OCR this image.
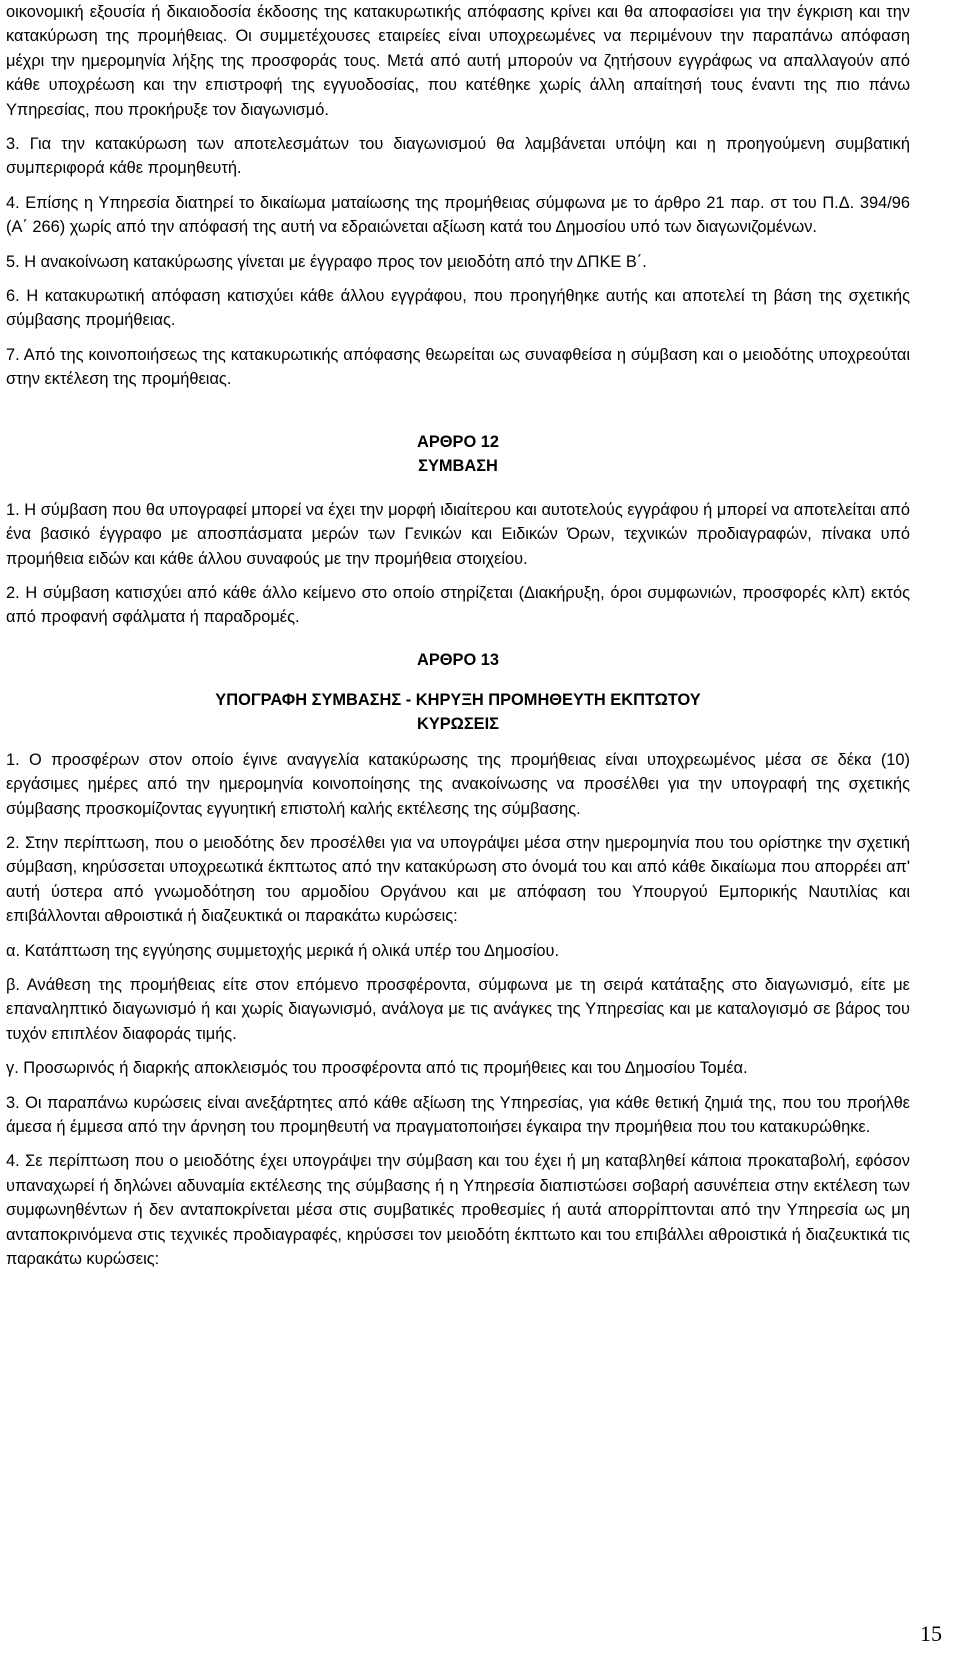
οικονομική εξουσία ή δικαιοδοσία έκδοσης της κατακυρωτικής απόφασης κρίνει και θα αποφασίσει για την έγκριση και την κατακύρωση της προμήθειας. Οι συμμετέχουσες εταιρείες είναι υποχρεωμένες να περιμένουν την παραπάνω απόφαση μέχρι την ημερομηνία λήξης της προσφοράς τους. Μετά από αυτή μπορούν να ζητήσουν εγγράφως να απαλλαγούν από κάθε υποχρέωση και την επιστροφή της εγγυοδοσίας, που κατέθηκε χωρίς άλλη απαίτησή τους έναντι της πιο πάνω Υπηρεσίας, που προκήρυξε τον διαγωνισμό.

3. Για την κατακύρωση των αποτελεσμάτων του διαγωνισμού θα λαμβάνεται υπόψη και η προηγούμενη συμβατική συμπεριφορά κάθε προμηθευτή.

4. Επίσης η Υπηρεσία διατηρεί το δικαίωμα ματαίωσης της προμήθειας σύμφωνα με το άρθρο 21 παρ. στ του Π.Δ. 394/96 (Α΄ 266) χωρίς από την απόφασή της αυτή να εδραιώνεται αξίωση κατά του Δημοσίου υπό των διαγωνιζομένων.

5. Η ανακοίνωση κατακύρωσης γίνεται με έγγραφο προς τον μειοδότη από την ΔΠΚΕ Β΄.

6. Η κατακυρωτική απόφαση κατισχύει κάθε άλλου εγγράφου, που προηγήθηκε αυτής και αποτελεί τη βάση της σχετικής σύμβασης προμήθειας.

7. Από της κοινοποιήσεως της κατακυρωτικής απόφασης θεωρείται ως συναφθείσα η σύμβαση και ο μειοδότης υποχρεούται στην εκτέλεση της προμήθειας.

ΑΡΘΡΟ 12

ΣΥΜΒΑΣΗ

1. Η σύμβαση που θα υπογραφεί μπορεί να έχει την μορφή ιδιαίτερου και αυτοτελούς εγγράφου ή μπορεί να αποτελείται από ένα βασικό έγγραφο με αποσπάσματα μερών των Γενικών και Ειδικών Όρων, τεχνικών προδιαγραφών, πίνακα υπό προμήθεια ειδών και κάθε άλλου συναφούς με την προμήθεια στοιχείου.

2. Η σύμβαση κατισχύει από κάθε άλλο κείμενο στο οποίο στηρίζεται (Διακήρυξη, όροι συμφωνιών, προσφορές κλπ) εκτός από προφανή σφάλματα ή παραδρομές.

ΑΡΘΡΟ 13

ΥΠΟΓΡΑΦΗ ΣΥΜΒΑΣΗΣ - ΚΗΡΥΞΗ ΠΡΟΜΗΘΕΥΤΗ ΕΚΠΤΩΤΟΥ

ΚΥΡΩΣΕΙΣ

1. Ο προσφέρων στον οποίο έγινε αναγγελία κατακύρωσης της προμήθειας είναι υποχρεωμένος μέσα σε δέκα (10) εργάσιμες ημέρες από την ημερομηνία κοινοποίησης της ανακοίνωσης να προσέλθει για την υπογραφή της σχετικής σύμβασης προσκομίζοντας εγγυητική επιστολή καλής εκτέλεσης της σύμβασης.

2. Στην περίπτωση, που ο μειοδότης δεν προσέλθει για να υπογράψει μέσα στην ημερομηνία που του ορίστηκε την σχετική σύμβαση, κηρύσσεται υποχρεωτικά έκπτωτος από την κατακύρωση στο όνομά του και από κάθε δικαίωμα που απορρέει απ' αυτή ύστερα από γνωμοδότηση του αρμοδίου Οργάνου και με απόφαση του Υπουργού Εμπορικής Ναυτιλίας και επιβάλλονται αθροιστικά ή διαζευκτικά οι παρακάτω κυρώσεις:

α. Κατάπτωση της εγγύησης συμμετοχής μερικά ή ολικά υπέρ του Δημοσίου.

β. Ανάθεση της προμήθειας είτε στον επόμενο προσφέροντα, σύμφωνα με τη σειρά κατάταξης στο διαγωνισμό, είτε με επαναληπτικό διαγωνισμό ή και χωρίς διαγωνισμό, ανάλογα με τις ανάγκες της Υπηρεσίας και με καταλογισμό σε βάρος του τυχόν επιπλέον διαφοράς τιμής.

γ. Προσωρινός ή διαρκής αποκλεισμός του προσφέροντα από τις προμήθειες και του Δημοσίου Τομέα.

3. Οι παραπάνω κυρώσεις είναι ανεξάρτητες από κάθε αξίωση της Υπηρεσίας, για κάθε θετική ζημιά της, που του προήλθε άμεσα ή έμμεσα από την άρνηση του προμηθευτή να πραγματοποιήσει έγκαιρα την προμήθεια που του κατακυρώθηκε.

4. Σε περίπτωση που ο μειοδότης έχει υπογράψει την σύμβαση και του έχει ή μη καταβληθεί κάποια προκαταβολή, εφόσον υπαναχωρεί ή δηλώνει αδυναμία εκτέλεσης της σύμβασης ή η Υπηρεσία διαπιστώσει σοβαρή ασυνέπεια στην εκτέλεση των συμφωνηθέντων ή δεν ανταποκρίνεται μέσα στις συμβατικές προθεσμίες ή αυτά απορρίπτονται από την Υπηρεσία ως μη ανταποκρινόμενα στις τεχνικές προδιαγραφές, κηρύσσει τον μειοδότη έκπτωτο και του επιβάλλει αθροιστικά ή διαζευκτικά τις παρακάτω κυρώσεις:

15
